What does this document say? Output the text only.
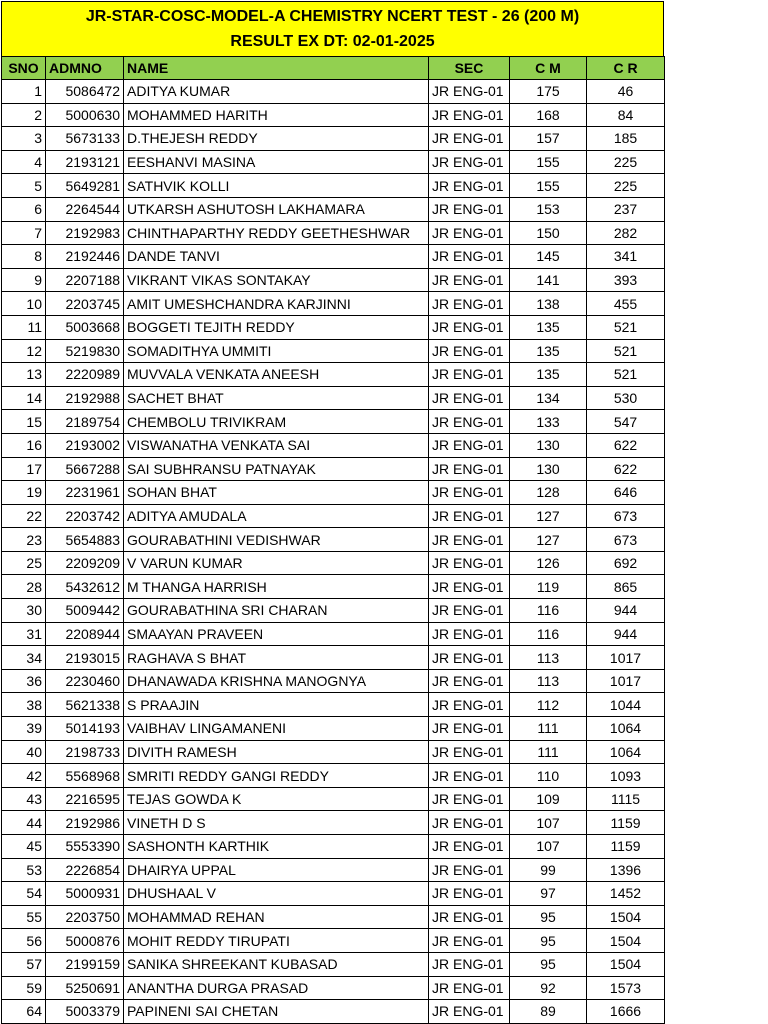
JR-STAR-COSC-MODEL-A CHEMISTRY NCERT TEST - 26 (200 M)
RESULT EX DT: 02-01-2025
SNO	ADMNO	NAME	SEC	C M	C R
1	5086472	ADITYA KUMAR	JR ENG-01	175	46
2	5000630	MOHAMMED HARITH	JR ENG-01	168	84
3	5673133	D.THEJESH REDDY	JR ENG-01	157	185
4	2193121	EESHANVI MASINA	JR ENG-01	155	225
5	5649281	SATHVIK KOLLI	JR ENG-01	155	225
6	2264544	UTKARSH ASHUTOSH LAKHAMARA	JR ENG-01	153	237
7	2192983	CHINTHAPARTHY REDDY GEETHESHWAR	JR ENG-01	150	282
8	2192446	DANDE TANVI	JR ENG-01	145	341
9	2207188	VIKRANT VIKAS SONTAKAY	JR ENG-01	141	393
10	2203745	AMIT UMESHCHANDRA KARJINNI	JR ENG-01	138	455
11	5003668	BOGGETI TEJITH REDDY	JR ENG-01	135	521
12	5219830	SOMADITHYA UMMITI	JR ENG-01	135	521
13	2220989	MUVVALA VENKATA ANEESH	JR ENG-01	135	521
14	2192988	SACHET BHAT	JR ENG-01	134	530
15	2189754	CHEMBOLU TRIVIKRAM	JR ENG-01	133	547
16	2193002	VISWANATHA VENKATA SAI	JR ENG-01	130	622
17	5667288	SAI SUBHRANSU PATNAYAK	JR ENG-01	130	622
19	2231961	SOHAN BHAT	JR ENG-01	128	646
22	2203742	ADITYA AMUDALA	JR ENG-01	127	673
23	5654883	GOURABATHINI VEDISHWAR	JR ENG-01	127	673
25	2209209	V VARUN KUMAR	JR ENG-01	126	692
28	5432612	M THANGA HARRISH	JR ENG-01	119	865
30	5009442	GOURABATHINA SRI CHARAN	JR ENG-01	116	944
31	2208944	SMAAYAN PRAVEEN	JR ENG-01	116	944
34	2193015	RAGHAVA S BHAT	JR ENG-01	113	1017
36	2230460	DHANAWADA KRISHNA MANOGNYA	JR ENG-01	113	1017
38	5621338	S PRAAJIN	JR ENG-01	112	1044
39	5014193	VAIBHAV LINGAMANENI	JR ENG-01	111	1064
40	2198733	DIVITH RAMESH	JR ENG-01	111	1064
42	5568968	SMRITI REDDY GANGI REDDY	JR ENG-01	110	1093
43	2216595	TEJAS GOWDA K	JR ENG-01	109	1115
44	2192986	VINETH D S	JR ENG-01	107	1159
45	5553390	SASHONTH KARTHIK	JR ENG-01	107	1159
53	2226854	DHAIRYA UPPAL	JR ENG-01	99	1396
54	5000931	DHUSHAAL V	JR ENG-01	97	1452
55	2203750	MOHAMMAD REHAN	JR ENG-01	95	1504
56	5000876	MOHIT REDDY TIRUPATI	JR ENG-01	95	1504
57	2199159	SANIKA SHREEKANT KUBASAD	JR ENG-01	95	1504
59	5250691	ANANTHA DURGA PRASAD	JR ENG-01	92	1573
64	5003379	PAPINENI SAI CHETAN	JR ENG-01	89	1666
